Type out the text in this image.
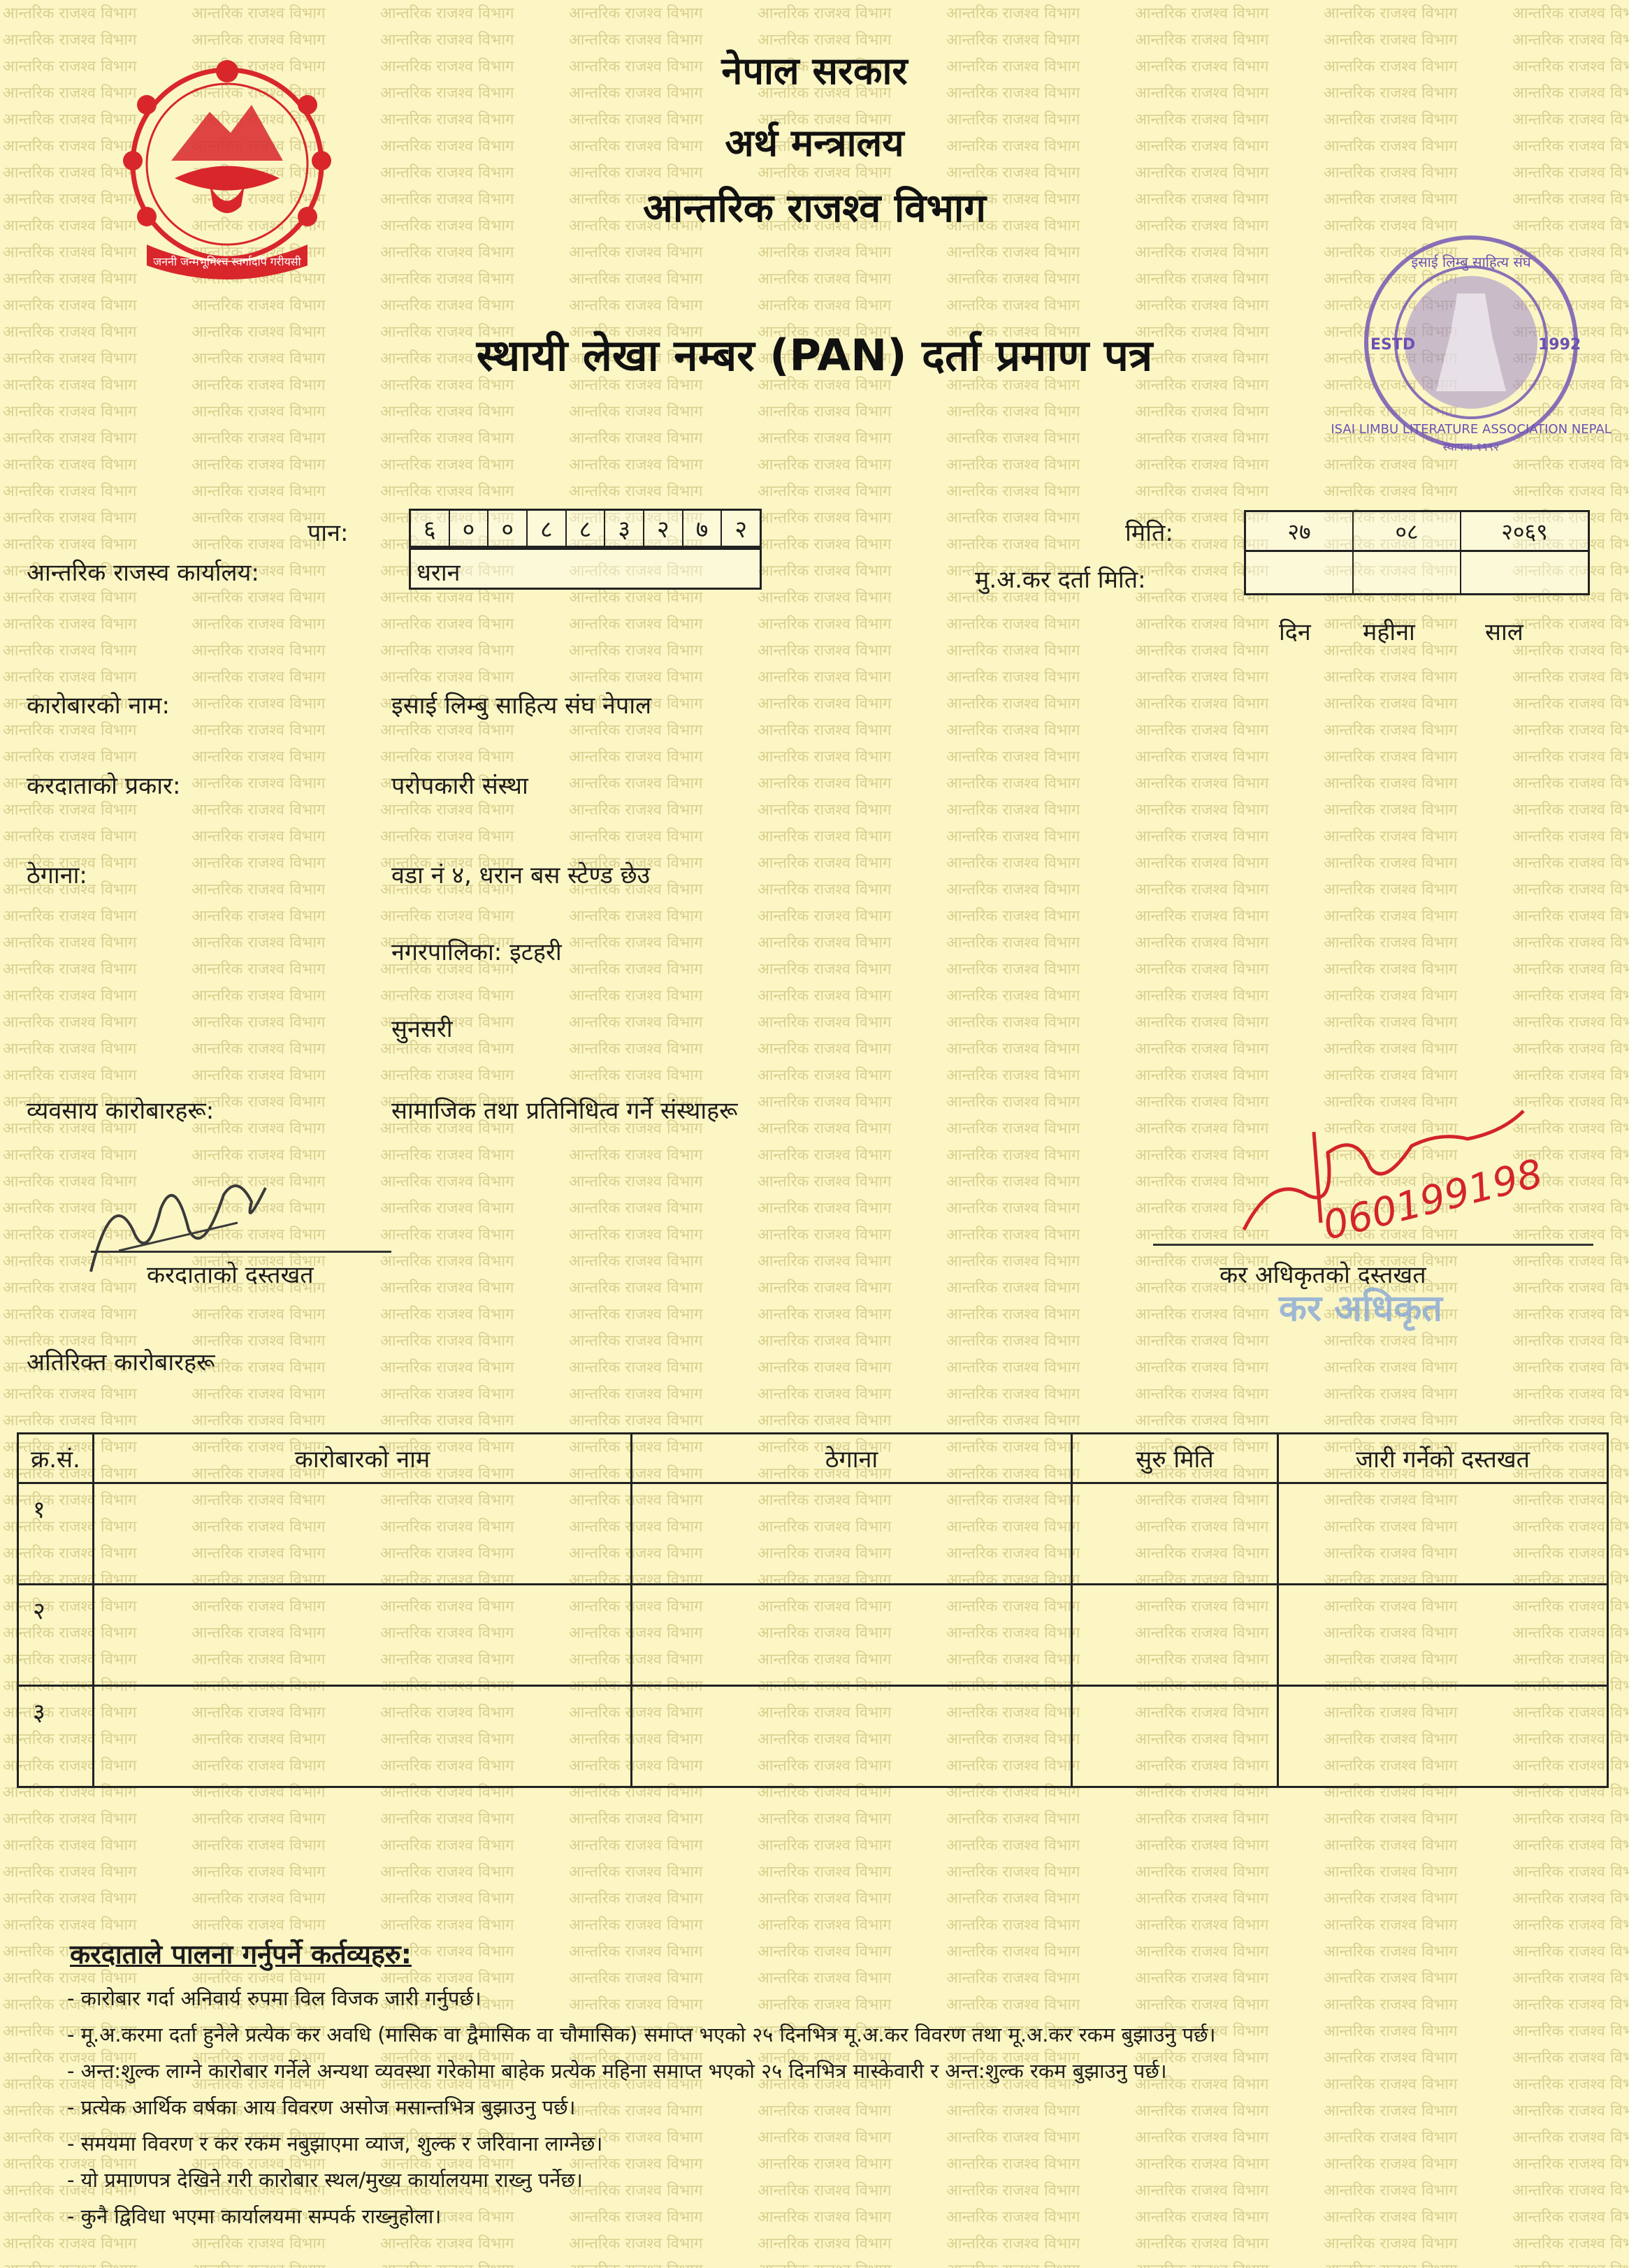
जननी जन्मभूमिश्च स्वर्गादपि गरीयसी
नेपाल सरकार
अर्थ मन्त्रालय
आन्तरिक राजश्व विभाग
स्थायी लेखा नम्बर (PAN) दर्ता प्रमाण पत्र
इसाई लिम्बु साहित्य संघ
ISAI LIMBU LITERATURE ASSOCIATION NEPAL
ESTD	1992
स्थापना १९९२
पान:	६	०	०	८	८	३	२	७	२
आन्तरिक राजस्व कार्यालय:	धरान
मिति:	२७	०८	२०६९
मु.अ.कर दर्ता मिति:
दिन महीना	साल
कारोबारको नाम:	इसाई लिम्बु साहित्य संघ नेपाल
करदाताको प्रकार:	परोपकारी संस्था
ठेगाना:	वडा नं ४, धरान बस स्टेण्ड छेउ
नगरपालिका: इटहरी
सुनसरी
व्यवसाय कारोबारहरू:	सामाजिक तथा प्रतिनिधित्व गर्ने संस्थाहरू
करदाताको दस्तखत
060199198
कर अधिकृतको दस्तखत
कर अधिकृत
अतिरिक्त कारोबारहरू
क्र.सं.	कारोबारको नाम	ठेगाना	सुरु मिति	जारी गर्नेको दस्तखत
१				
२				
३				
करदाताले पालना गर्नुपर्ने कर्तव्यहरु:
- कारोबार गर्दा अनिवार्य रुपमा विल विजक जारी गर्नुपर्छ।
- मू.अ.करमा दर्ता हुनेले प्रत्येक कर अवधि (मासिक वा द्वैमासिक वा चौमासिक) समाप्त भएको २५ दिनभित्र मू.अ.कर विवरण तथा मू.अ.कर रकम बुझाउनु पर्छ।
- अन्त:शुल्क लाग्ने कारोबार गर्नेले अन्यथा व्यवस्था गरेकोमा बाहेक प्रत्येक महिना समाप्त भएको २५ दिनभित्र मास्केवारी र अन्त:शुल्क रकम बुझाउनु पर्छ।
- प्रत्येक आर्थिक वर्षका आय विवरण असोज मसान्तभित्र बुझाउनु पर्छ।
- समयमा विवरण र कर रकम नबुझाएमा व्याज, शुल्क र जरिवाना लाग्नेछ।
- यो प्रमाणपत्र देखिने गरी कारोबार स्थल/मुख्य कार्यालयमा राख्नु पर्नेछ।
- कुनै द्विविधा भएमा कार्यालयमा सम्पर्क राख्नुहोला।
